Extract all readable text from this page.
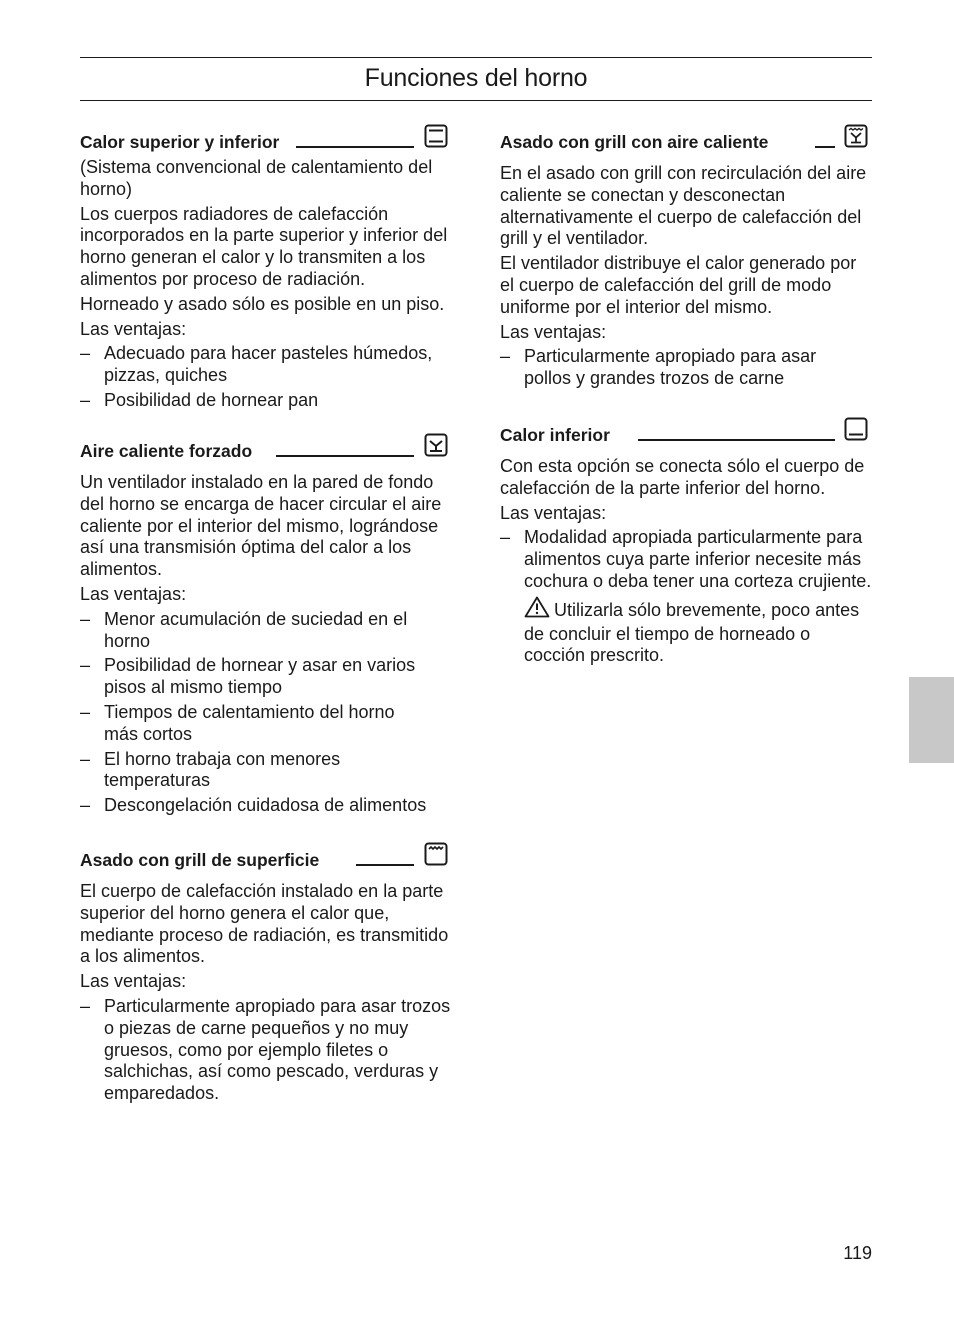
Funciones del horno
Calor superior y inferior

(Sistema convencional de calentamiento del horno)

Los cuerpos radiadores de calefacción incorporados en la parte superior y inferior del horno generan el calor y lo transmiten a los alimentos por proceso de radiación.

Horneado y asado sólo es posible en un piso.

Las ventajas:

– Adecuado para hacer pasteles húmedos, pizzas, quiches
– Posibilidad de hornear pan
Aire caliente forzado

Un ventilador instalado en la pared de fondo del horno se encarga de hacer circular el aire caliente por el interior del mismo, lográndose así una transmisión óptima del calor a los alimentos.

Las ventajas:

– Menor acumulación de suciedad en el horno
– Posibilidad de hornear y asar en varios pisos al mismo tiempo
– Tiempos de calentamiento del horno más cortos
– El horno trabaja con menores temperaturas
– Descongelación cuidadosa de alimentos
Asado con grill de superficie

El cuerpo de calefacción instalado en la parte superior del horno genera el calor que, mediante proceso de radiación, es transmitido a los alimentos.

Las ventajas:

– Particularmente apropiado para asar trozos o piezas de carne pequeños y no muy gruesos, como por ejemplo filetes o salchichas, así como pescado, verduras y emparedados.
Asado con grill con aire caliente

En el asado con grill con recirculación del aire caliente se conectan y desconectan alternativamente el cuerpo de calefacción del grill y el ventilador.

El ventilador distribuye el calor generado por el cuerpo de calefacción del grill de modo uniforme por el interior del mismo.

Las ventajas:

– Particularmente apropiado para asar pollos y grandes trozos de carne
Calor inferior

Con esta opción se conecta sólo el cuerpo de calefacción de la parte inferior del horno.

Las ventajas:

– Modalidad apropiada particularmente para alimentos cuya parte inferior necesite más cochura o deba tener una corteza crujiente.
Utilizarla sólo brevemente, poco antes de concluir el tiempo de horneado o cocción prescrito.
119
